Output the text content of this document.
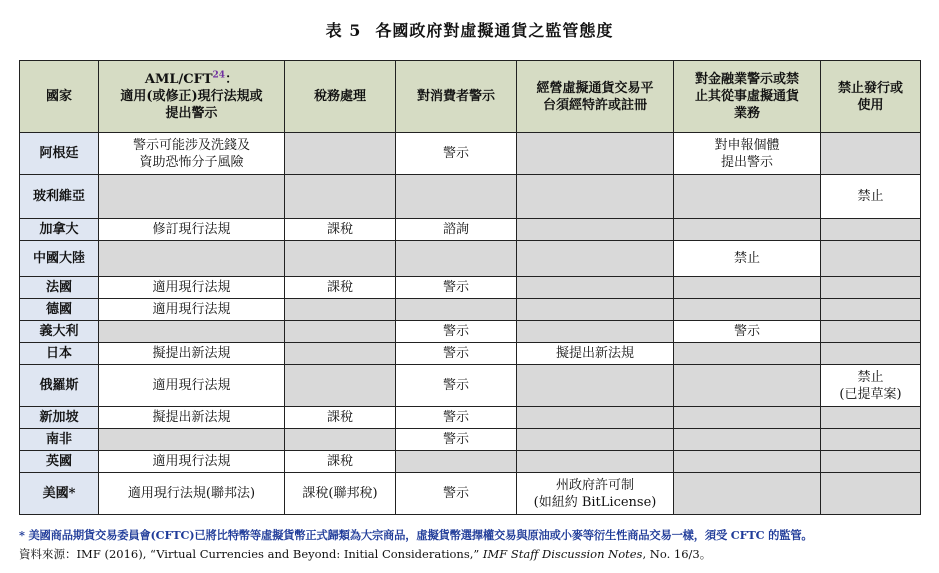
表 5 各國政府對虛擬通貨之監管態度
國家	AML/CFT$^{24}$：
適用(或修正)現行法規或
提出警示	稅務處理	對消費者警示	經營虛擬通貨交易平
台須經特許或註冊	對金融業警示或禁
止其從事虛擬通貨
業務	禁止發行或
使用

阿根廷	警示可能涉及洗錢及
資助恐怖分子風險		警示		對申報個體
提出警示	

玻利維亞						禁止

加拿大	修訂現行法規	課稅	諮詢			

中國大陸					禁止	

法國	適用現行法規	課稅	警示			

德國	適用現行法規					

義大利			警示		警示	

日本	擬提出新法規		警示	擬提出新法規		

俄羅斯	適用現行法規		警示			禁止
(已提草案)

新加坡	擬提出新法規	課稅	警示			

南非			警示			

英國	適用現行法規	課稅				

美國*	適用現行法規(聯邦法)	課稅(聯邦稅)	警示	州政府許可制
(如紐約 BitLicense)		

* 美國商品期貨交易委員會(CFTC)已將比特幣等虛擬貨幣正式歸類為大宗商品，虛擬貨幣選擇權交易與原油或小麥等衍生性商品交易一樣，須受 CFTC 的監管。
資料來源：IMF (2016), “Virtual Currencies and Beyond: Initial Considerations,” IMF Staff Discussion Notes, No. 16/3。
